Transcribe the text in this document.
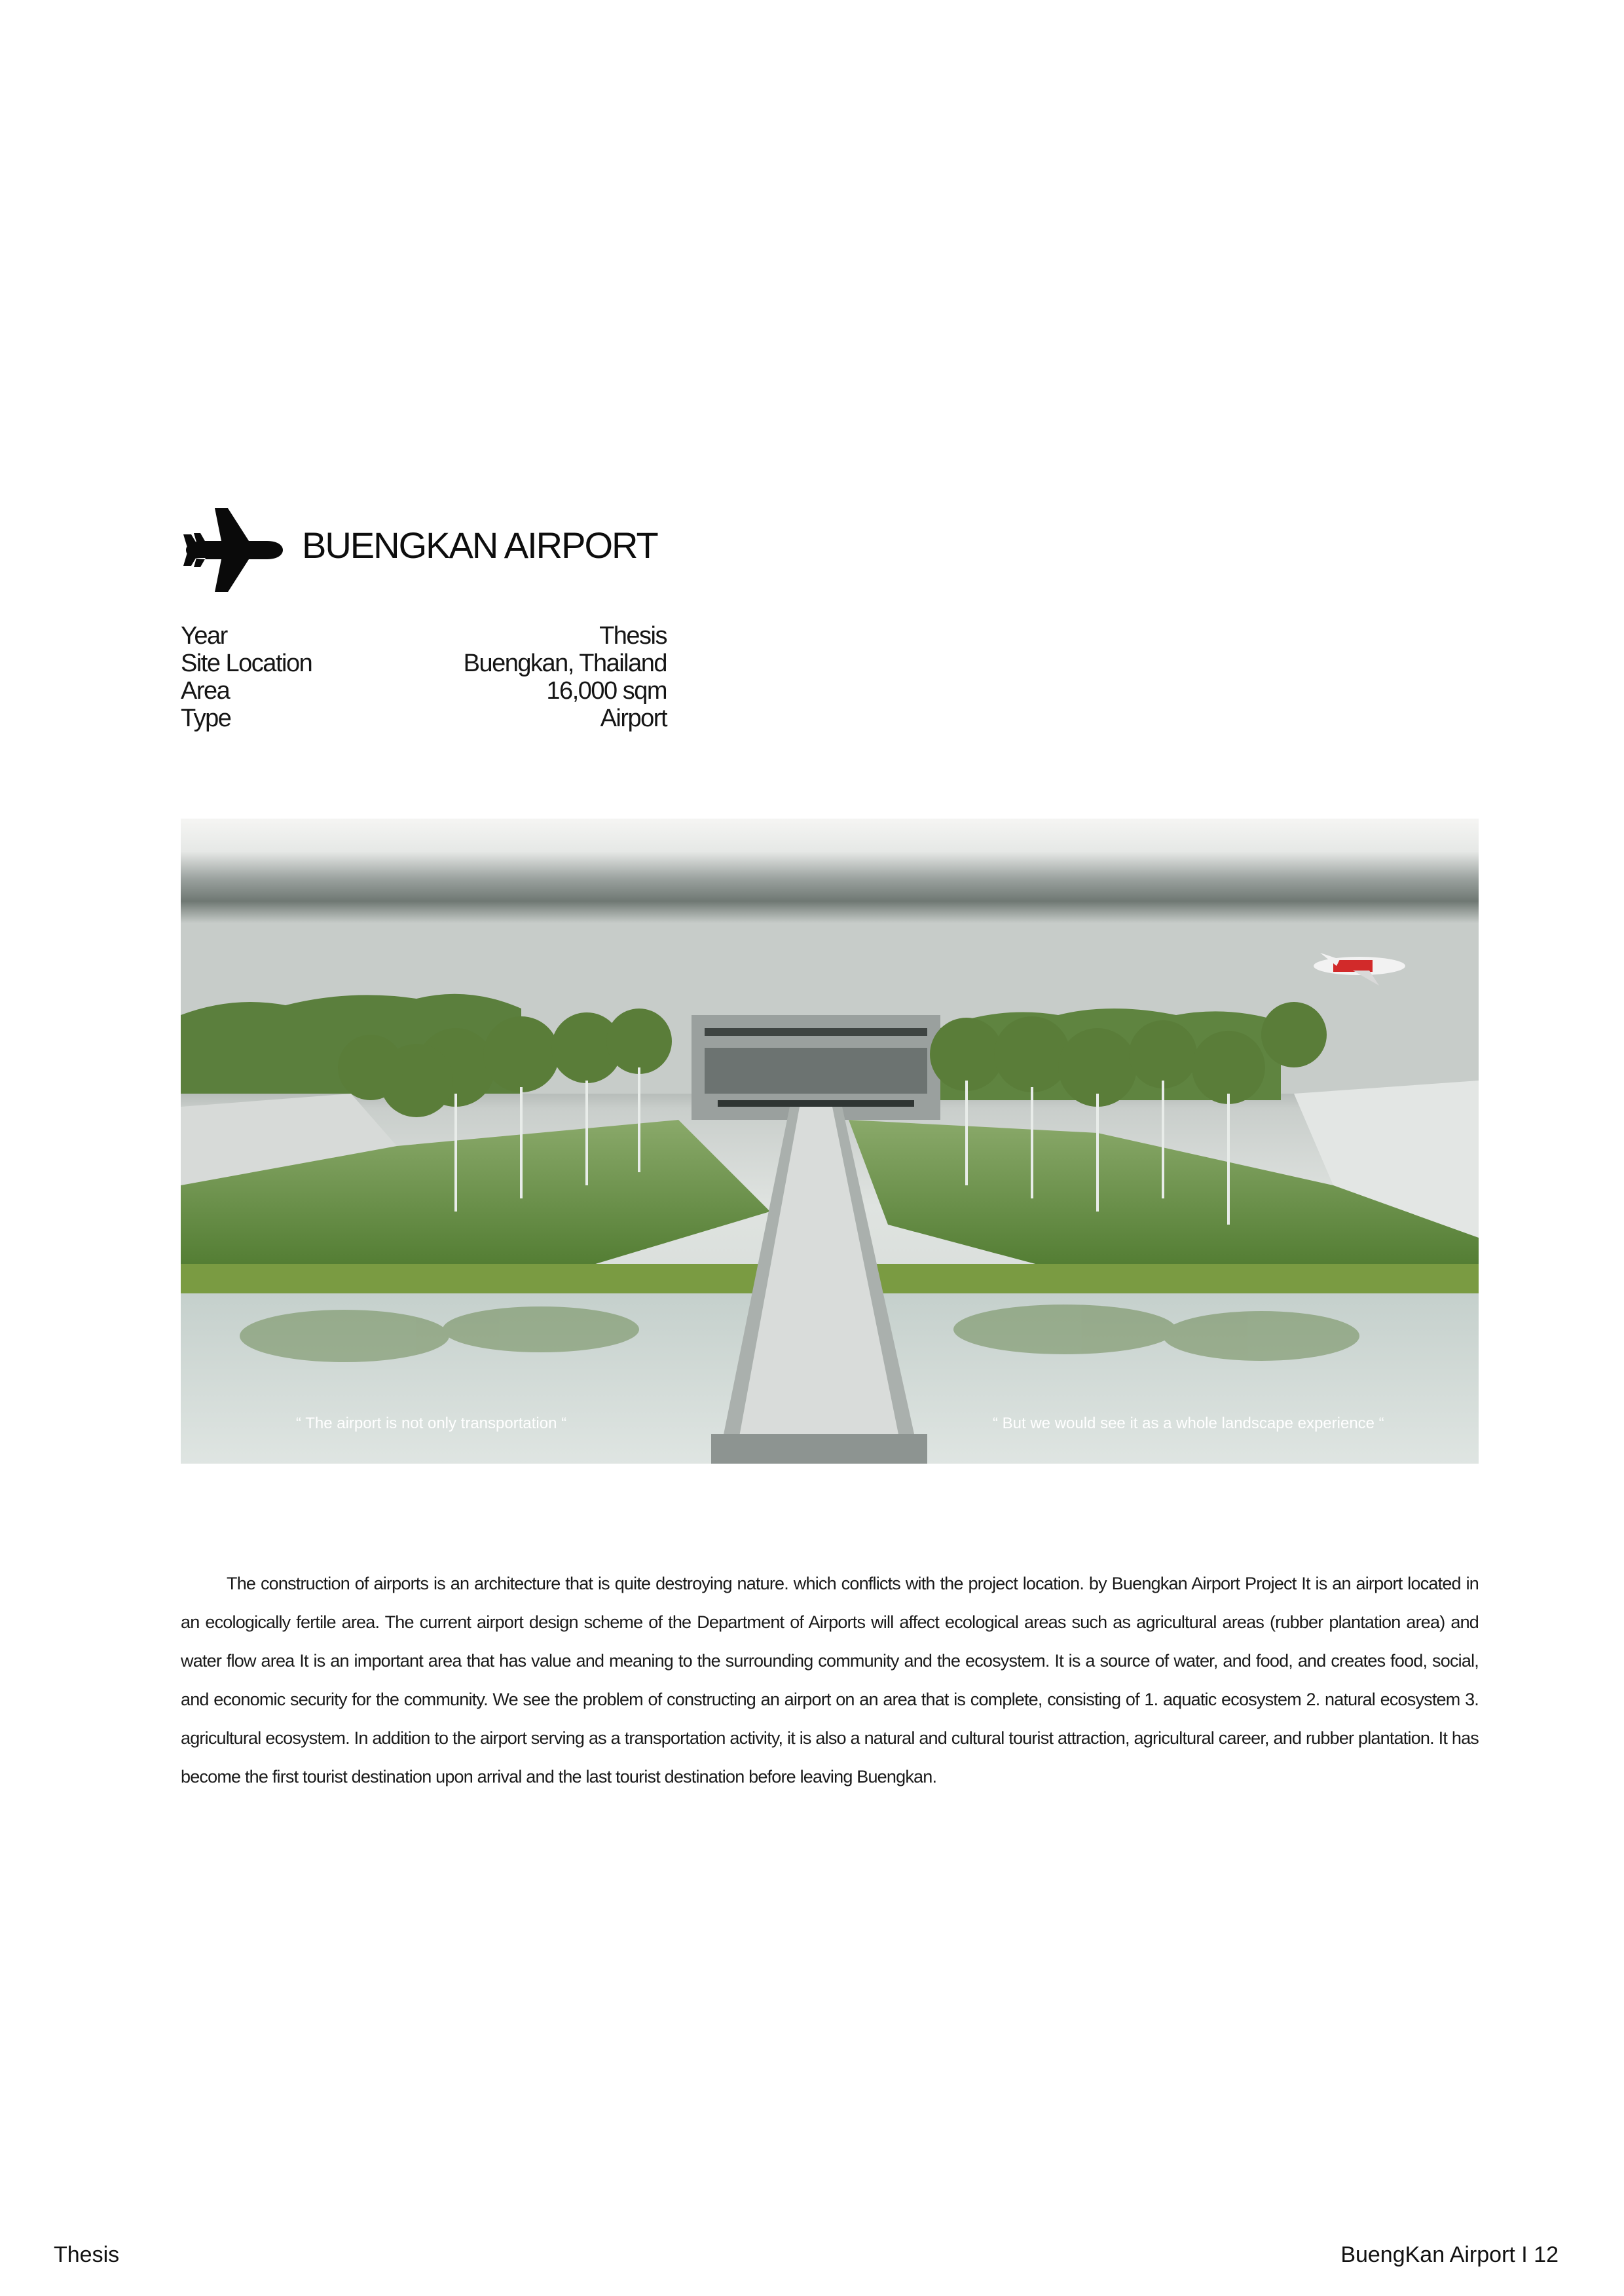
BUENGKAN AIRPORT
Year	Thesis
Site Location	Buengkan, Thailand
Area	16,000 sqm
Type	Airport
“ The airport is not only transportation “	“ But we would see it as a whole landscape experience “

The construction of airports is an architecture that is quite destroying nature. which conflicts with the project location. by Buengkan Airport Project It is an airport located in an ecologically fertile area. The current airport design scheme of the Department of Airports will affect ecological areas such as agricultural areas (rubber plantation area) and water flow area It is an important area that has value and meaning to the surrounding community and the ecosystem. It is a source of water, and food, and creates food, social, and economic security for the community. We see the problem of constructing an airport on an area that is complete, consisting of 1. aquatic ecosystem 2. natural ecosystem 3. agricultural ecosystem. In addition to the airport serving as a transportation activity, it is also a natural and cultural tourist attraction, agricultural career, and rubber plantation. It has become the first tourist destination upon arrival and the last tourist destination before leaving Buengkan.

Thesis	BuengKan Airport I 12
